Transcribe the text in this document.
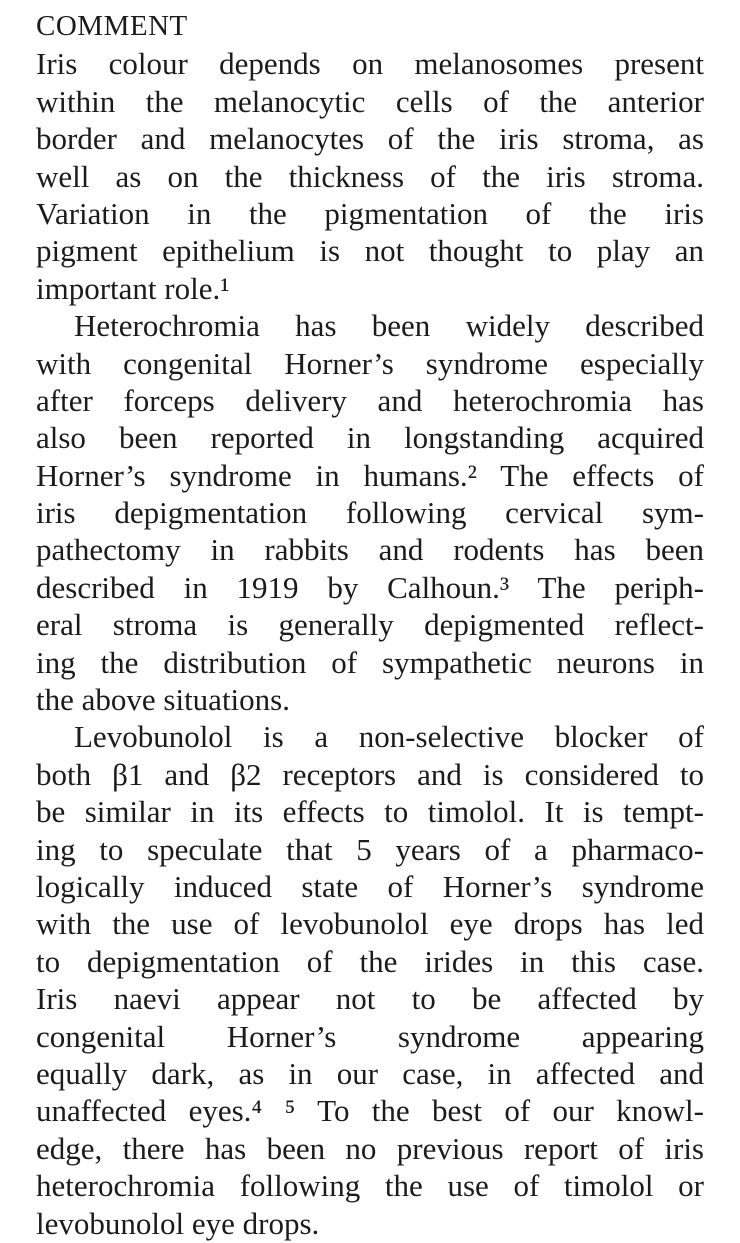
COMMENT
Iris colour depends on melanosomes present
within the melanocytic cells of the anterior
border and melanocytes of the iris stroma, as
well as on the thickness of the iris stroma.
Variation in the pigmentation of the iris
pigment epithelium is not thought to play an
important role.¹
Heterochromia has been widely described
with congenital Horner’s syndrome especially
after forceps delivery and heterochromia has
also been reported in longstanding acquired
Horner’s syndrome in humans.² The effects of
iris depigmentation following cervical sym-
pathectomy in rabbits and rodents has been
described in 1919 by Calhoun.³ The periph-
eral stroma is generally depigmented reflect-
ing the distribution of sympathetic neurons in
the above situations.
Levobunolol is a non-selective blocker of
both β1 and β2 receptors and is considered to
be similar in its effects to timolol. It is tempt-
ing to speculate that 5 years of a pharmaco-
logically induced state of Horner’s syndrome
with the use of levobunolol eye drops has led
to depigmentation of the irides in this case.
Iris naevi appear not to be affected by
congenital Horner’s syndrome appearing
equally dark, as in our case, in affected and
unaffected eyes.⁴ ⁵ To the best of our knowl-
edge, there has been no previous report of iris
heterochromia following the use of timolol or
levobunolol eye drops.
